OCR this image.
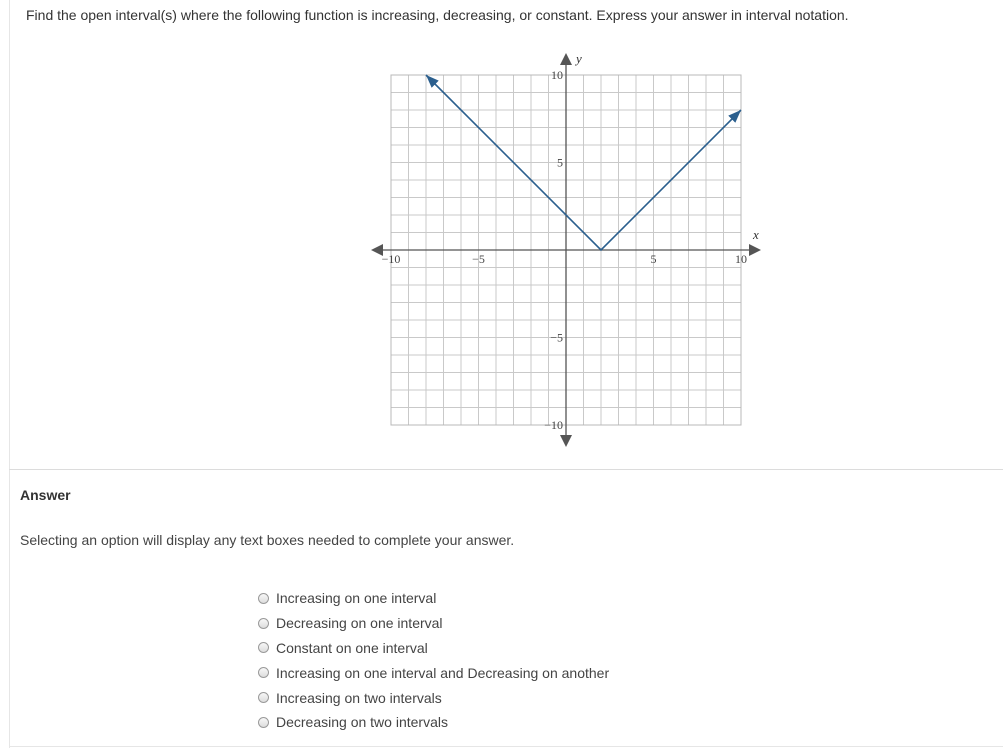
Find the open interval(s) where the following function is increasing, decreasing, or constant. Express your answer in interval notation.
−10	−5	5	10
10
5
−5
−10
x
y
Answer
Selecting an option will display any text boxes needed to complete your answer.
Increasing on one interval
Decreasing on one interval
Constant on one interval
Increasing on one interval and Decreasing on another
Increasing on two intervals
Decreasing on two intervals
